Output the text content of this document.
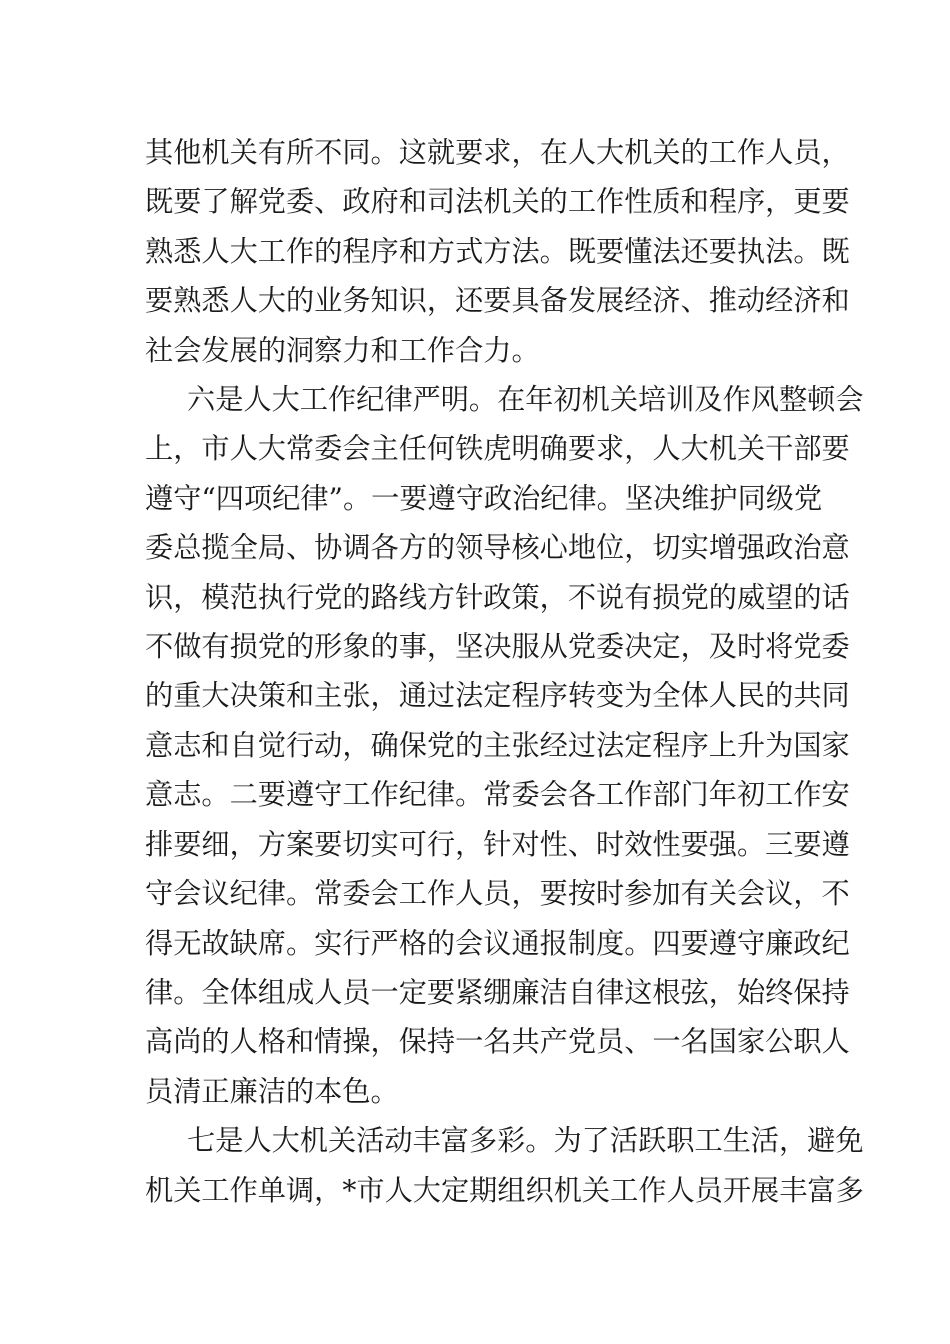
其他机关有所不同。这就要求，在人大机关的工作人员，
既要了解党委、政府和司法机关的工作性质和程序，更要
熟悉人大工作的程序和方式方法。既要懂法还要执法。既
要熟悉人大的业务知识，还要具备发展经济、推动经济和
社会发展的洞察力和工作合力。
六是人大工作纪律严明。在年初机关培训及作风整顿会
上，市人大常委会主任何铁虎明确要求，人大机关干部要
遵守“四项纪律”。一要遵守政治纪律。坚决维护同级党
委总揽全局、协调各方的领导核心地位，切实增强政治意
识，模范执行党的路线方针政策，不说有损党的威望的话
不做有损党的形象的事，坚决服从党委决定，及时将党委
的重大决策和主张，通过法定程序转变为全体人民的共同
意志和自觉行动，确保党的主张经过法定程序上升为国家
意志。二要遵守工作纪律。常委会各工作部门年初工作安
排要细，方案要切实可行，针对性、时效性要强。三要遵
守会议纪律。常委会工作人员，要按时参加有关会议，不
得无故缺席。实行严格的会议通报制度。四要遵守廉政纪
律。全体组成人员一定要紧绷廉洁自律这根弦，始终保持
高尚的人格和情操，保持一名共产党员、一名国家公职人
员清正廉洁的本色。
七是人大机关活动丰富多彩。为了活跃职工生活，避免
机关工作单调，*市人大定期组织机关工作人员开展丰富多
